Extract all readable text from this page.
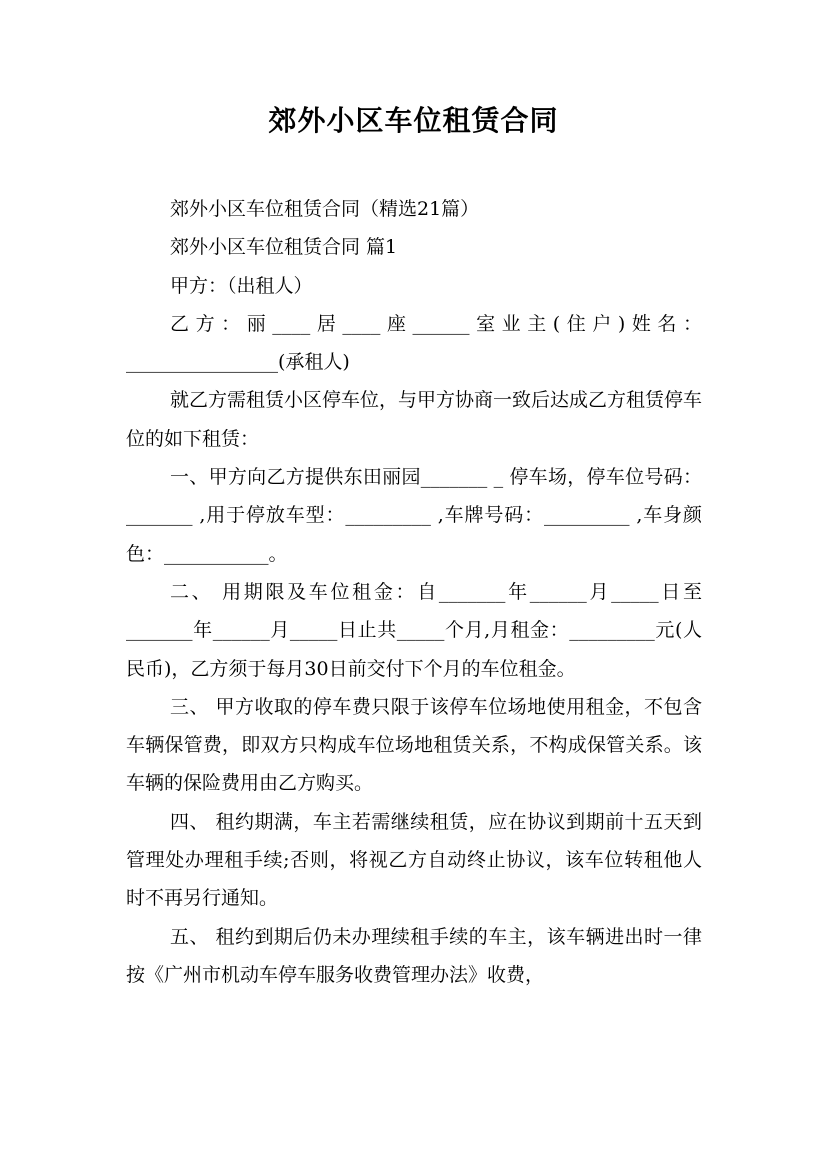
郊外小区车位租赁合同

郊外小区车位租赁合同（精选21篇）

郊外小区车位租赁合同 篇1

甲方：（出租人）

乙方：丽____居____座______室业主(住户)姓名：________________(承租人)

就乙方需租赁小区停车位，与甲方协商一致后达成乙方租赁停车位的如下租赁：

一、甲方向乙方提供东田丽园_______ _ 停车场，停车位号码：_______ ,用于停放车型：_________ ,车牌号码：_________ ,车身颜色：___________。

二、 用期限及车位租金：自_______年______月_____日至_______年______月_____日止共_____个月,月租金：_________元(人民币)，乙方须于每月30日前交付下个月的车位租金。

三、 甲方收取的停车费只限于该停车位场地使用租金，不包含车辆保管费，即双方只构成车位场地租赁关系，不构成保管关系。该车辆的保险费用由乙方购买。

四、 租约期满，车主若需继续租赁，应在协议到期前十五天到管理处办理租手续;否则，将视乙方自动终止协议，该车位转租他人时不再另行通知。

五、 租约到期后仍未办理续租手续的车主，该车辆进出时一律按《广州市机动车停车服务收费管理办法》收费，
